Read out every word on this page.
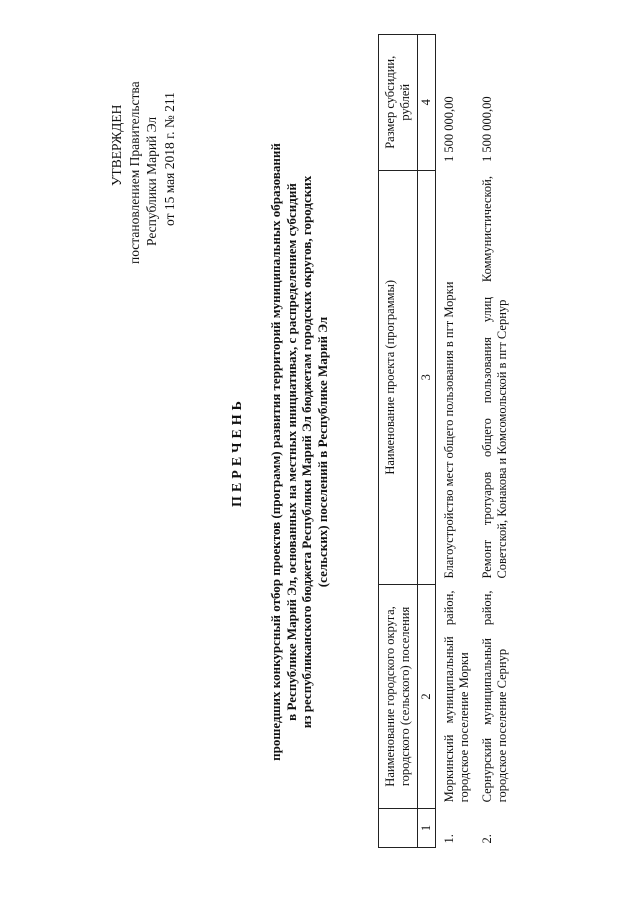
УТВЕРЖДЕН постановлением Правительства Республики Марий Эл от 15 мая 2018 г. № 211
ПЕРЕЧЕНЬ прошедших конкурсный отбор проектов (программ) развития территорий муниципальных образований в Республике Марий Эл, основанных на местных инициативах, с распределением субсидий из республиканского бюджета Республики Марий Эл бюджетам городских округов, городских (сельских) поселений в Республике Марий Эл
	Наименование городского округа, городского (сельского) поселения	Наименование проекта (программы)	Размер субсидии, рублей
1	2	3	4
1.	Моркинский муниципальный район, городское поселение Морки	Благоустройство мест общего пользования в пгт Морки	1 500 000,00
2.	Сернурский муниципальный район, городское поселение Сернур	Ремонт тротуаров общего пользования улиц Коммунистической, Советской, Конакова и Комсомольской в пгт Сернур	1 500 000,00
